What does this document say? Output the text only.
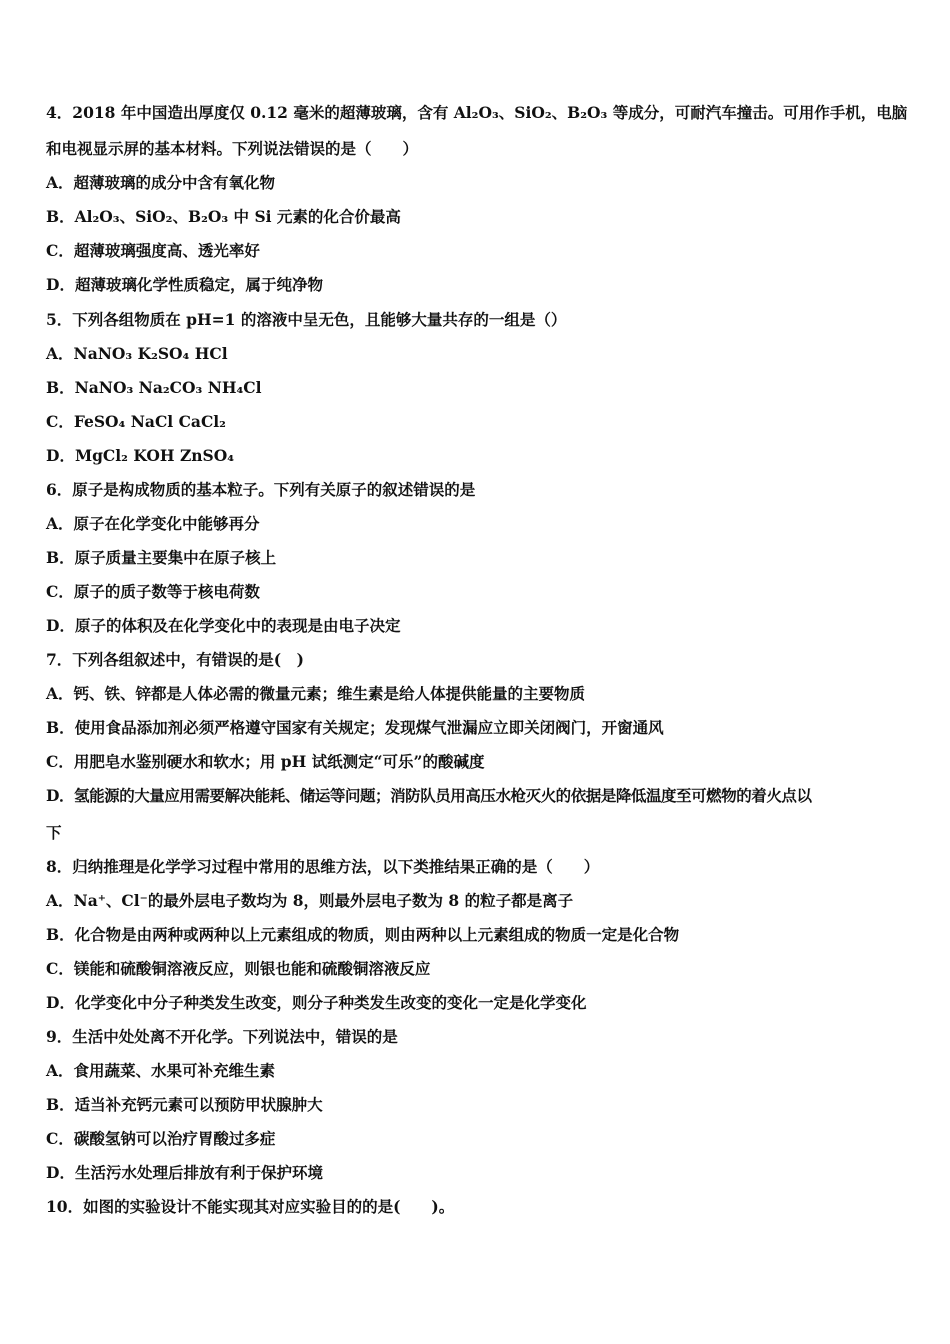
4．2018 年中国造出厚度仅 0.12 毫米的超薄玻璃，含有 Al₂O₃、SiO₂、B₂O₃ 等成分，可耐汽车撞击。可用作手机，电脑
和电视显示屏的基本材料。下列说法错误的是（　　）
A．超薄玻璃的成分中含有氧化物
B．Al₂O₃、SiO₂、B₂O₃ 中 Si 元素的化合价最高
C．超薄玻璃强度高、透光率好
D．超薄玻璃化学性质稳定，属于纯净物
5．下列各组物质在 pH=1 的溶液中呈无色，且能够大量共存的一组是（）
A．NaNO₃ K₂SO₄ HCl
B．NaNO₃ Na₂CO₃ NH₄Cl
C．FeSO₄ NaCl CaCl₂
D．MgCl₂ KOH ZnSO₄
6．原子是构成物质的基本粒子。下列有关原子的叙述错误的是
A．原子在化学变化中能够再分
B．原子质量主要集中在原子核上
C．原子的质子数等于核电荷数
D．原子的体积及在化学变化中的表现是由电子决定
7．下列各组叙述中，有错误的是(　)
A．钙、铁、锌都是人体必需的微量元素；维生素是给人体提供能量的主要物质
B．使用食品添加剂必须严格遵守国家有关规定；发现煤气泄漏应立即关闭阀门，开窗通风
C．用肥皂水鉴别硬水和软水；用 pH 试纸测定“可乐”的酸碱度
D．氢能源的大量应用需要解决能耗、储运等问题；消防队员用高压水枪灭火的依据是降低温度至可燃物的着火点以
下
8．归纳推理是化学学习过程中常用的思维方法，以下类推结果正确的是（　　）
A．Na⁺、Cl⁻的最外层电子数均为 8，则最外层电子数为 8 的粒子都是离子
B．化合物是由两种或两种以上元素组成的物质，则由两种以上元素组成的物质一定是化合物
C．镁能和硫酸铜溶液反应，则银也能和硫酸铜溶液反应
D．化学变化中分子种类发生改变，则分子种类发生改变的变化一定是化学变化
9．生活中处处离不开化学。下列说法中，错误的是
A．食用蔬菜、水果可补充维生素
B．适当补充钙元素可以预防甲状腺肿大
C．碳酸氢钠可以治疗胃酸过多症
D．生活污水处理后排放有利于保护环境
10．如图的实验设计不能实现其对应实验目的的是(　　)。
